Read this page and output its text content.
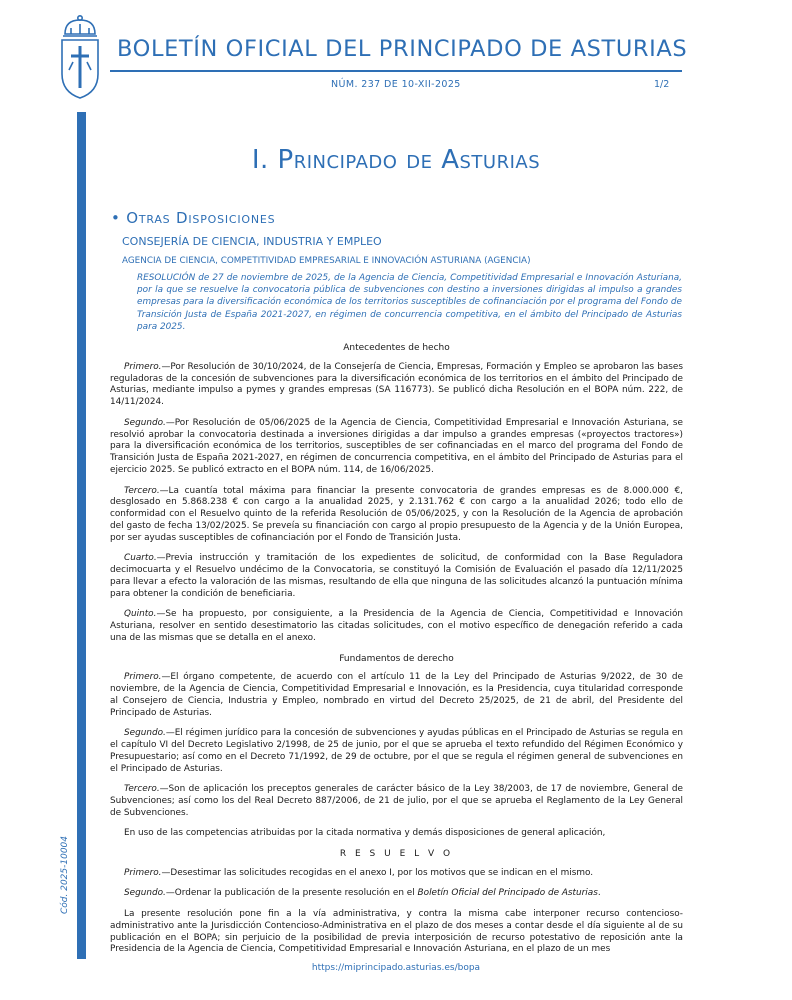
Cód. 2025-10004
BOLETÍN OFICIAL DEL PRINCIPADO DE ASTURIAS
NÚM. 237 DE 10-XII-2025	1/2
I. Principado de Asturias
• Otras Disposiciones
CONSEJERÍA DE CIENCIA, INDUSTRIA Y EMPLEO
AGENCIA DE CIENCIA, COMPETITIVIDAD EMPRESARIAL E INNOVACIÓN ASTURIANA (AGENCIA)

RESOLUCIÓN de 27 de noviembre de 2025, de la Agencia de Ciencia, Competitividad Empresarial e Innovación Asturiana, por la que se resuelve la convocatoria pública de subvenciones con destino a inversiones dirigidas al impulso a grandes empresas para la diversificación económica de los territorios susceptibles de cofinanciación por el programa del Fondo de Transición Justa de España 2021-2027, en régimen de concurrencia competitiva, en el ámbito del Principado de Asturias para 2025.

Antecedentes de hecho

Primero.—Por Resolución de 30/10/2024, de la Consejería de Ciencia, Empresas, Formación y Empleo se aprobaron las bases reguladoras de la concesión de subvenciones para la diversificación económica de los territorios en el ámbito del Principado de Asturias, mediante impulso a pymes y grandes empresas (SA 116773). Se publicó dicha Resolución en el BOPA núm. 222, de 14/11/2024.

Segundo.—Por Resolución de 05/06/2025 de la Agencia de Ciencia, Competitividad Empresarial e Innovación Asturiana, se resolvió aprobar la convocatoria destinada a inversiones dirigidas a dar impulso a grandes empresas («proyectos tractores») para la diversificación económica de los territorios, susceptibles de ser cofinanciadas en el marco del programa del Fondo de Transición Justa de España 2021-2027, en régimen de concurrencia competitiva, en el ámbito del Principado de Asturias para el ejercicio 2025. Se publicó extracto en el BOPA núm. 114, de 16/06/2025.

Tercero.—La cuantía total máxima para financiar la presente convocatoria de grandes empresas es de 8.000.000 €, desglosado en 5.868.238 € con cargo a la anualidad 2025, y 2.131.762 € con cargo a la anualidad 2026; todo ello de conformidad con el Resuelvo quinto de la referida Resolución de 05/06/2025, y con la Resolución de la Agencia de aprobación del gasto de fecha 13/02/2025. Se preveía su financiación con cargo al propio presupuesto de la Agencia y de la Unión Europea, por ser ayudas susceptibles de cofinanciación por el Fondo de Transición Justa.

Cuarto.—Previa instrucción y tramitación de los expedientes de solicitud, de conformidad con la Base Reguladora decimocuarta y el Resuelvo undécimo de la Convocatoria, se constituyó la Comisión de Evaluación el pasado día 12/11/2025 para llevar a efecto la valoración de las mismas, resultando de ella que ninguna de las solicitudes alcanzó la puntuación mínima para obtener la condición de beneficiaria.

Quinto.—Se ha propuesto, por consiguiente, a la Presidencia de la Agencia de Ciencia, Competitividad e Innovación Asturiana, resolver en sentido desestimatorio las citadas solicitudes, con el motivo específico de denegación referido a cada una de las mismas que se detalla en el anexo.

Fundamentos de derecho

Primero.—El órgano competente, de acuerdo con el artículo 11 de la Ley del Principado de Asturias 9/2022, de 30 de noviembre, de la Agencia de Ciencia, Competitividad Empresarial e Innovación, es la Presidencia, cuya titularidad corresponde al Consejero de Ciencia, Industria y Empleo, nombrado en virtud del Decreto 25/2025, de 21 de abril, del Presidente del Principado de Asturias.

Segundo.—El régimen jurídico para la concesión de subvenciones y ayudas públicas en el Principado de Asturias se regula en el capítulo VI del Decreto Legislativo 2/1998, de 25 de junio, por el que se aprueba el texto refundido del Régimen Económico y Presupuestario; así como en el Decreto 71/1992, de 29 de octubre, por el que se regula el régimen general de subvenciones en el Principado de Asturias.

Tercero.—Son de aplicación los preceptos generales de carácter básico de la Ley 38/2003, de 17 de noviembre, General de Subvenciones; así como los del Real Decreto 887/2006, de 21 de julio, por el que se aprueba el Reglamento de la Ley General de Subvenciones.

En uso de las competencias atribuidas por la citada normativa y demás disposiciones de general aplicación,

R E S U E L V O

Primero.—Desestimar las solicitudes recogidas en el anexo I, por los motivos que se indican en el mismo.

Segundo.—Ordenar la publicación de la presente resolución en el Boletín Oficial del Principado de Asturias.

La presente resolución pone fin a la vía administrativa, y contra la misma cabe interponer recurso contencioso-administrativo ante la Jurisdicción Contencioso-Administrativa en el plazo de dos meses a contar desde el día siguiente al de su publicación en el BOPA; sin perjuicio de la posibilidad de previa interposición de recurso potestativo de reposición ante la Presidencia de la Agencia de Ciencia, Competitividad Empresarial e Innovación Asturiana, en el plazo de un mes

https://miprincipado.asturias.es/bopa
